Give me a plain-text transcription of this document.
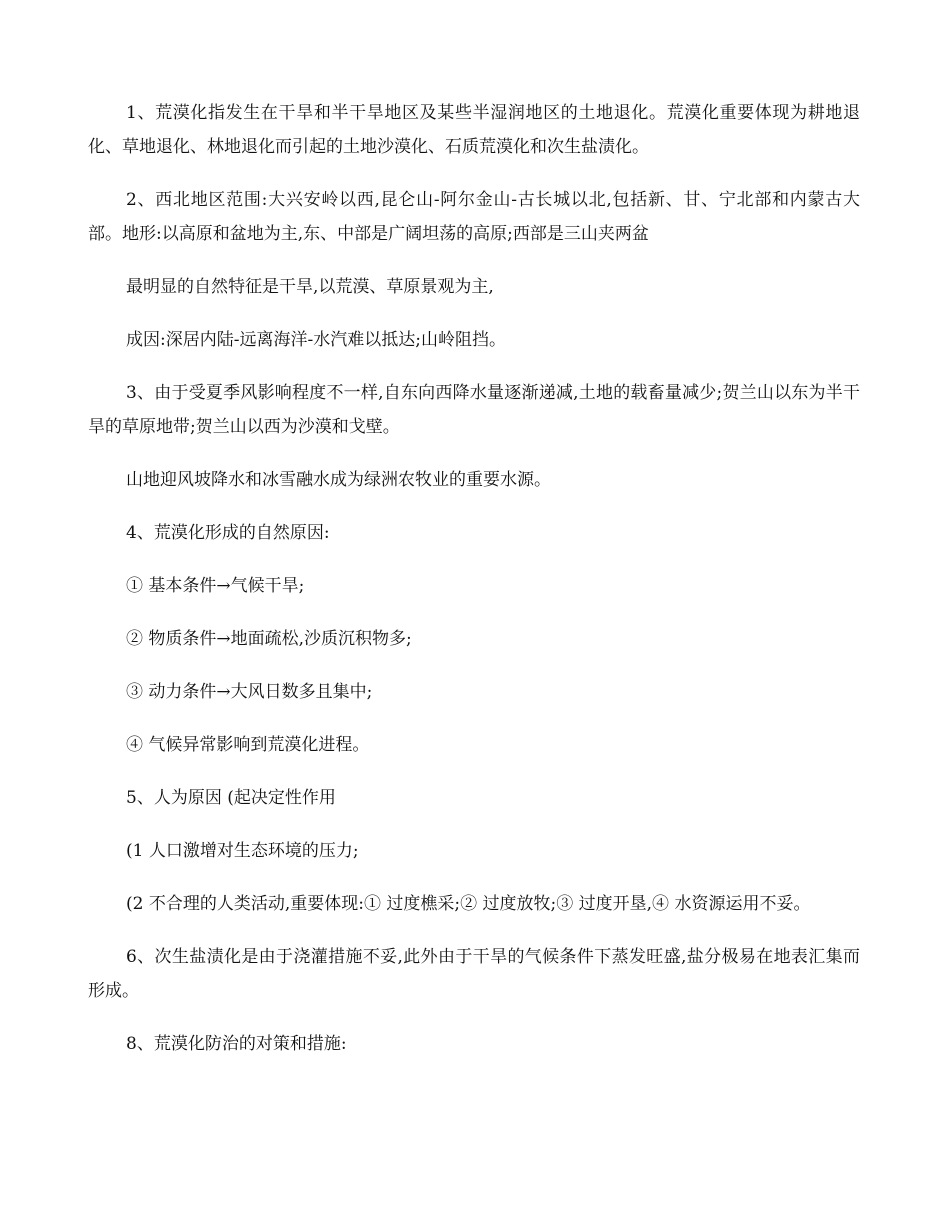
1、荒漠化指发生在干旱和半干旱地区及某些半湿润地区的土地退化。荒漠化重要体现为耕地退化、草地退化、林地退化而引起的土地沙漠化、石质荒漠化和次生盐渍化。

2、西北地区范围:大兴安岭以西,昆仑山-阿尔金山-古长城以北,包括新、甘、宁北部和内蒙古大部。地形:以高原和盆地为主,东、中部是广阔坦荡的高原;西部是三山夹两盆

最明显的自然特征是干旱,以荒漠、草原景观为主,

成因:深居内陆-远离海洋-水汽难以抵达;山岭阻挡。

3、由于受夏季风影响程度不一样,自东向西降水量逐渐递减,土地的载畜量减少;贺兰山以东为半干旱的草原地带;贺兰山以西为沙漠和戈壁。

山地迎风坡降水和冰雪融水成为绿洲农牧业的重要水源。

4、荒漠化形成的自然原因:

① 基本条件→气候干旱;

② 物质条件→地面疏松,沙质沉积物多;

③ 动力条件→大风日数多且集中;

④ 气候异常影响到荒漠化进程。

5、人为原因 (起决定性作用

(1 人口激增对生态环境的压力;

(2 不合理的人类活动,重要体现:① 过度樵采;② 过度放牧;③ 过度开垦,④ 水资源运用不妥。

6、次生盐渍化是由于浇灌措施不妥,此外由于干旱的气候条件下蒸发旺盛,盐分极易在地表汇集而形成。

8、荒漠化防治的对策和措施:
